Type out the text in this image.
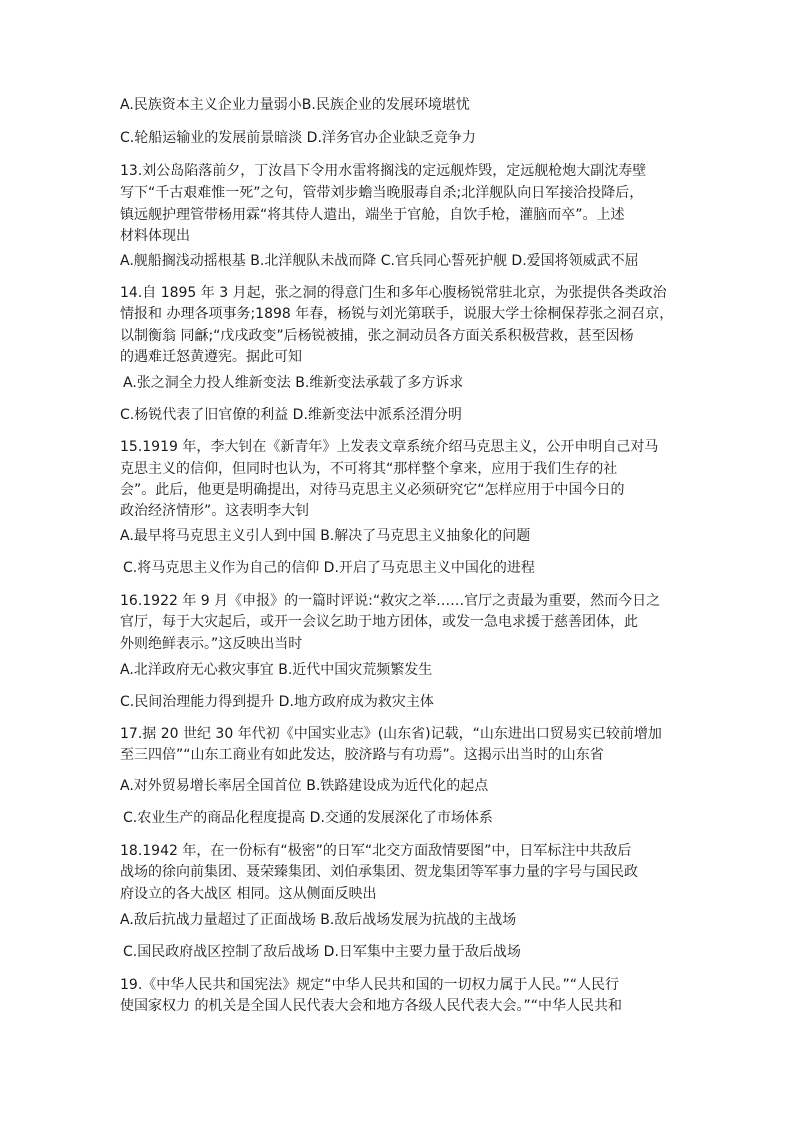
A.民族资本主义企业力量弱小B.民族企业的发展环境堪忧
C.轮船运输业的发展前景暗淡 D.洋务官办企业缺乏竞争力
13.刘公岛陷落前夕，丁汝昌下令用水雷将搁浅的定远舰炸毁，定远舰枪炮大副沈寿壁
写下“千古艰难惟一死”之句，管带刘步蟾当晚服毒自杀;北洋舰队向日军接洽投降后，
镇远舰护理管带杨用霖“将其侍人遣出，端坐于官舱，自饮手枪，灌脑而卒”。上述
材料体现出
A.舰船搁浅动摇根基 B.北洋舰队未战而降 C.官兵同心誓死护舰 D.爱国将领威武不屈
14.自 1895 年 3 月起，张之洞的得意门生和多年心腹杨锐常驻北京，为张提供各类政治
情报和 办理各项事务;1898 年春，杨锐与刘光第联手，说服大学士徐桐保荐张之洞召京，
以制衡翁 同龢;“戊戌政变”后杨锐被捕，张之洞动员各方面关系积极营救，甚至因杨
的遇难迁怒黄遵宪。据此可知
A.张之洞全力投人维新变法 B.维新变法承载了多方诉求
C.杨锐代表了旧官僚的利益 D.维新变法中派系泾渭分明
15.1919 年，李大钊在《新青年》上发表文章系统介绍马克思主义，公开申明自己对马
克思主义的信仰，但同时也认为，不可将其“那样整个拿来，应用于我们生存的社
会”。此后，他更是明确提出，对待马克思主义必须研究它“怎样应用于中国今日的
政治经济情形”。这表明李大钊
A.最早将马克思主义引人到中国 B.解决了马克思主义抽象化的问题
C.将马克思主义作为自己的信仰 D.开启了马克思主义中国化的进程
16.1922 年 9 月《申报》的一篇时评说:“救灾之举……官厅之责最为重要，然而今日之
官厅，每于大灾起后，或开一会议乞助于地方团体，或发一急电求援于慈善团体，此
外则绝鲜表示。”这反映出当时
A.北洋政府无心救灾事宜 B.近代中国灾荒频繁发生
C.民间治理能力得到提升 D.地方政府成为救灾主体
17.据 20 世纪 30 年代初《中国实业志》(山东省)记载，“山东进出口贸易实已较前增加
至三四倍”“山东工商业有如此发达，胶济路与有功焉”。这揭示出当时的山东省
A.对外贸易增长率居全国首位 B.铁路建设成为近代化的起点
C.农业生产的商品化程度提高 D.交通的发展深化了市场体系
18.1942 年，在一份标有“极密”的日军“北交方面敌情要图”中，日军标注中共敌后
战场的徐向前集团、聂荣臻集团、刘伯承集团、贺龙集团等军事力量的字号与国民政
府设立的各大战区 相同。这从侧面反映出
A.敌后抗战力量超过了正面战场 B.敌后战场发展为抗战的主战场
C.国民政府战区控制了敌后战场 D.日军集中主要力量于敌后战场
19.《中华人民共和国宪法》规定“中华人民共和国的一切权力属于人民。”“人民行
使国家权力 的机关是全国人民代表大会和地方各级人民代表大会。”“中华人民共和
